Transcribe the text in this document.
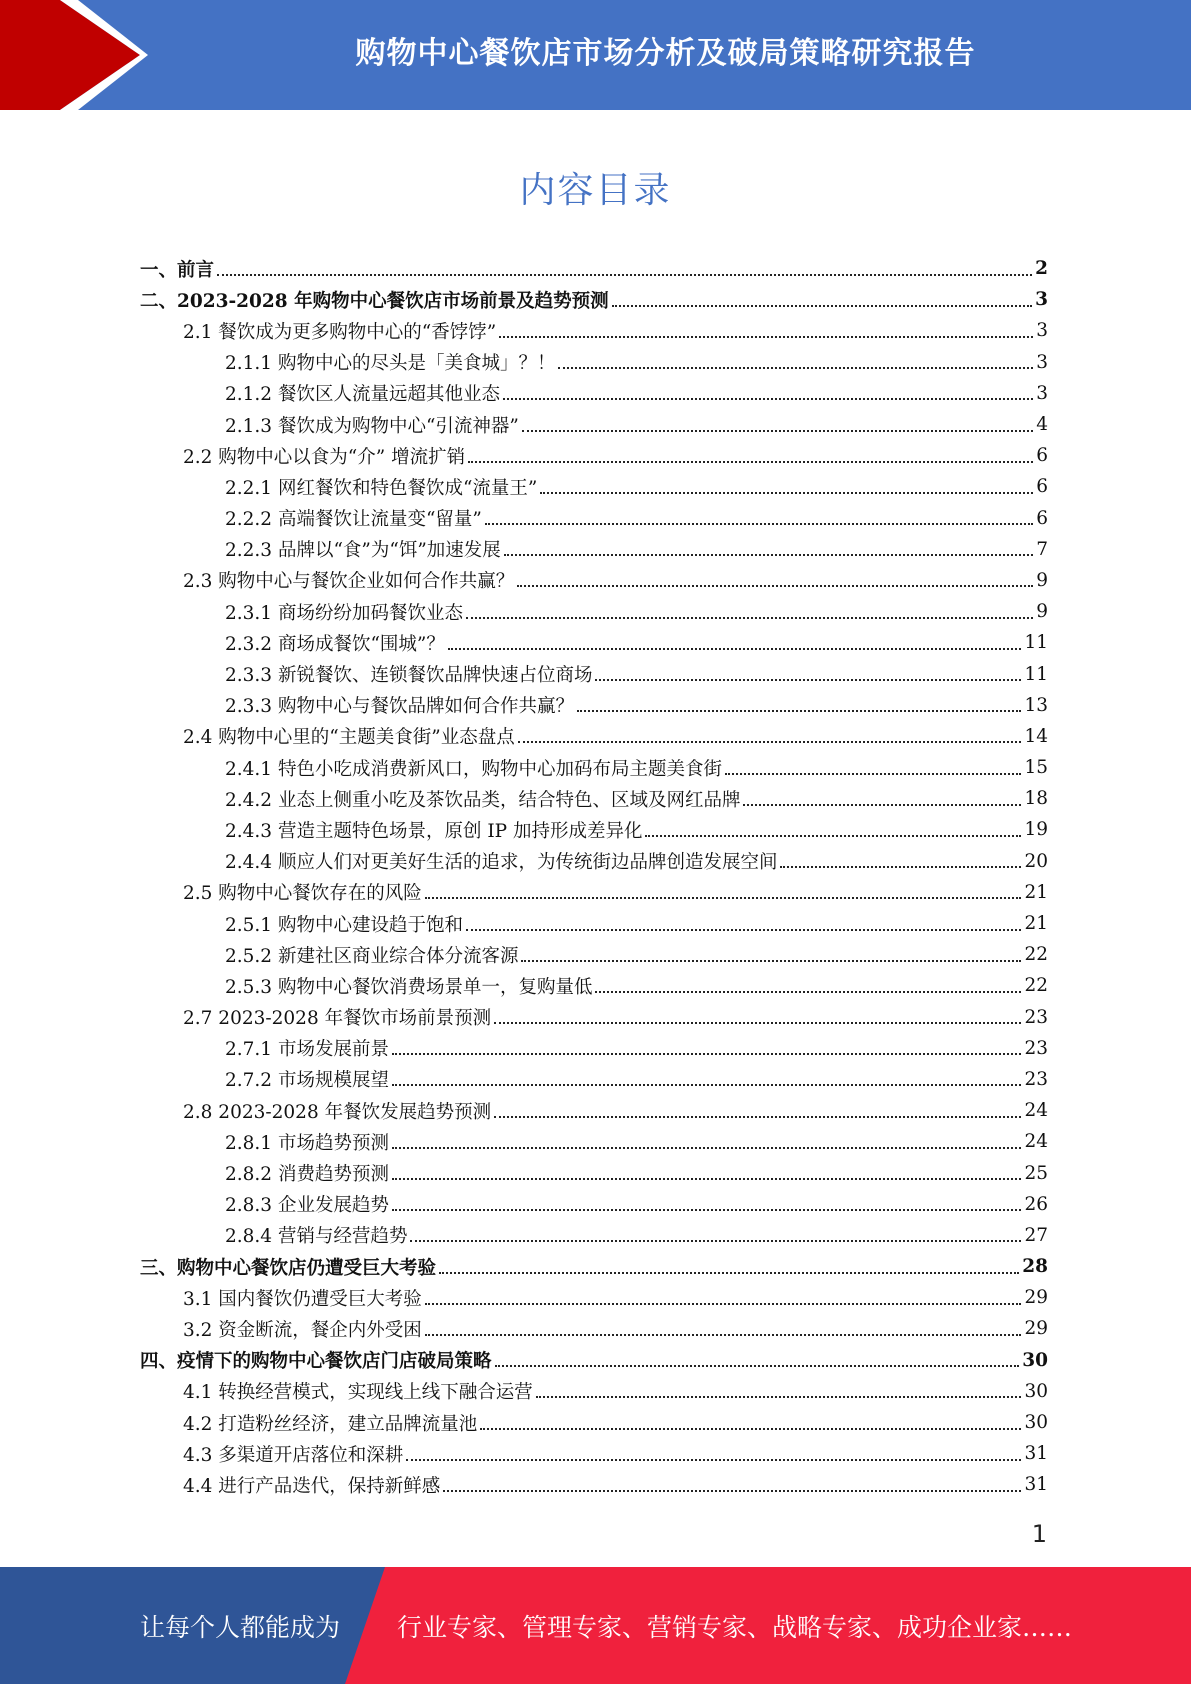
购物中心餐饮店市场分析及破局策略研究报告
内容目录
一、前言	2
二、2023-2028 年购物中心餐饮店市场前景及趋势预测	3
2.1 餐饮成为更多购物中心的“香饽饽”	3
2.1.1 购物中心的尽头是「美食城」？！	3
2.1.2 餐饮区人流量远超其他业态	3
2.1.3 餐饮成为购物中心“引流神器”	4
2.2 购物中心以食为“介” 增流扩销	6
2.2.1 网红餐饮和特色餐饮成“流量王”	6
2.2.2 高端餐饮让流量变“留量”	6
2.2.3 品牌以“食”为“饵”加速发展	7
2.3 购物中心与餐饮企业如何合作共赢？	9
2.3.1 商场纷纷加码餐饮业态	9
2.3.2 商场成餐饮“围城”？	11
2.3.3 新锐餐饮、连锁餐饮品牌快速占位商场	11
2.3.3 购物中心与餐饮品牌如何合作共赢？	13
2.4 购物中心里的“主题美食街”业态盘点	14
2.4.1 特色小吃成消费新风口，购物中心加码布局主题美食街	15
2.4.2 业态上侧重小吃及茶饮品类，结合特色、区域及网红品牌	18
2.4.3 营造主题特色场景，原创 IP 加持形成差异化	19
2.4.4 顺应人们对更美好生活的追求，为传统街边品牌创造发展空间	20
2.5 购物中心餐饮存在的风险	21
2.5.1 购物中心建设趋于饱和	21
2.5.2 新建社区商业综合体分流客源	22
2.5.3 购物中心餐饮消费场景单一，复购量低	22
2.7 2023-2028 年餐饮市场前景预测	23
2.7.1 市场发展前景	23
2.7.2 市场规模展望	23
2.8 2023-2028 年餐饮发展趋势预测	24
2.8.1 市场趋势预测	24
2.8.2 消费趋势预测	25
2.8.3 企业发展趋势	26
2.8.4 营销与经营趋势	27
三、购物中心餐饮店仍遭受巨大考验	28
3.1 国内餐饮仍遭受巨大考验	29
3.2 资金断流，餐企内外受困	29
四、疫情下的购物中心餐饮店门店破局策略	30
4.1 转换经营模式，实现线上线下融合运营	30
4.2 打造粉丝经济，建立品牌流量池	30
4.3 多渠道开店落位和深耕	31
4.4 进行产品迭代，保持新鲜感	31
1
让每个人都能成为 行业专家、管理专家、营销专家、战略专家、成功企业家……
